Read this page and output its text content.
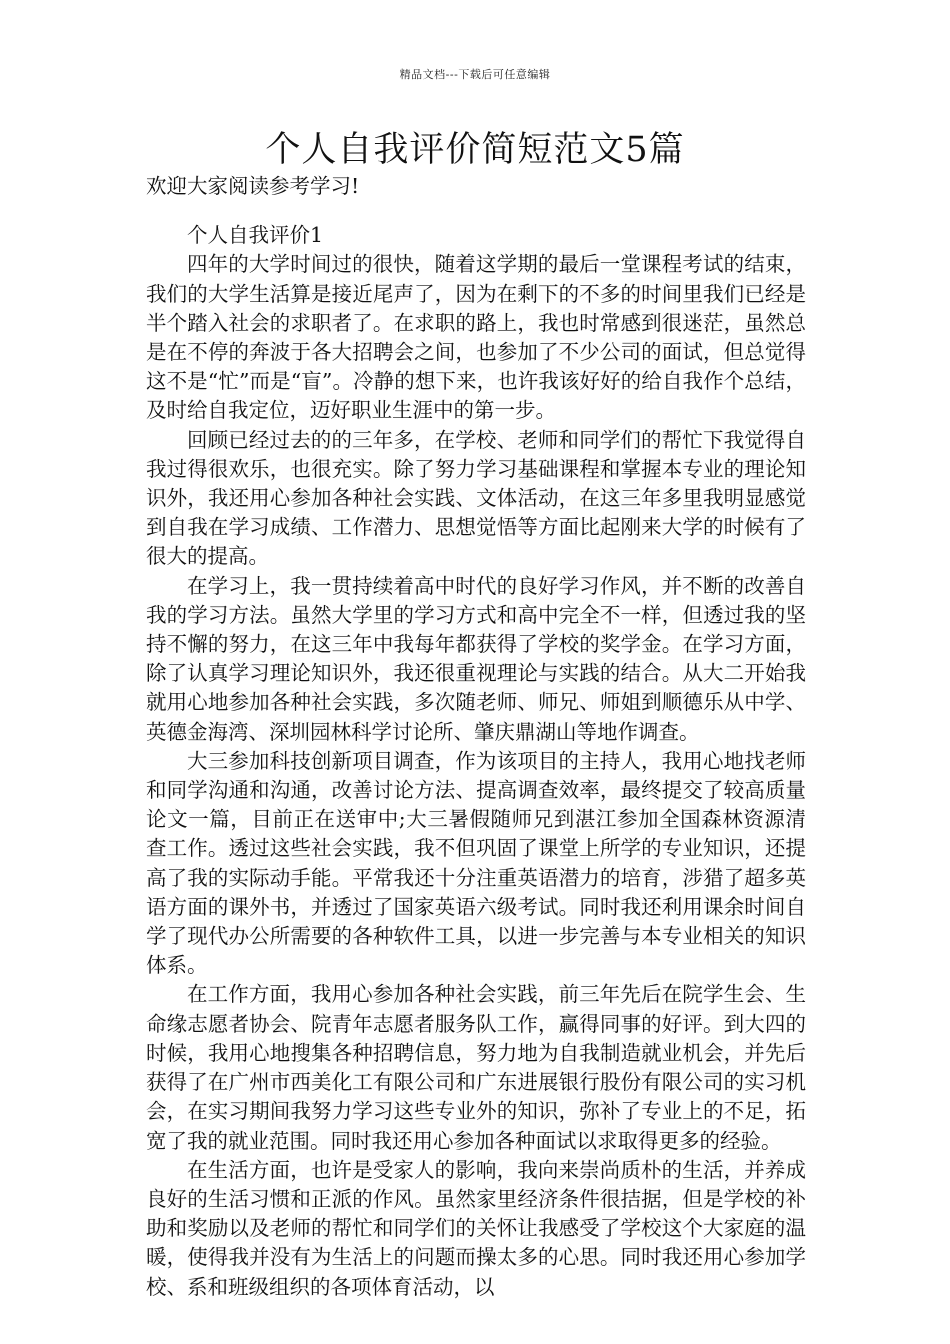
精品文档---下载后可任意编辑
个人自我评价简短范文5篇

欢迎大家阅读参考学习!

个人自我评价1

四年的大学时间过的很快，随着这学期的最后一堂课程考试的结束，我们的大学生活算是接近尾声了，因为在剩下的不多的时间里我们已经是半个踏入社会的求职者了。在求职的路上，我也时常感到很迷茫，虽然总是在不停的奔波于各大招聘会之间，也参加了不少公司的面试，但总觉得这不是“忙”而是“盲”。冷静的想下来，也许我该好好的给自我作个总结，及时给自我定位，迈好职业生涯中的第一步。

回顾已经过去的的三年多，在学校、老师和同学们的帮忙下我觉得自我过得很欢乐，也很充实。除了努力学习基础课程和掌握本专业的理论知识外，我还用心参加各种社会实践、文体活动，在这三年多里我明显感觉到自我在学习成绩、工作潜力、思想觉悟等方面比起刚来大学的时候有了很大的提高。

在学习上，我一贯持续着高中时代的良好学习作风，并不断的改善自我的学习方法。虽然大学里的学习方式和高中完全不一样，但透过我的坚持不懈的努力，在这三年中我每年都获得了学校的奖学金。在学习方面，除了认真学习理论知识外，我还很重视理论与实践的结合。从大二开始我就用心地参加各种社会实践，多次随老师、师兄、师姐到顺德乐从中学、英德金海湾、深圳园林科学讨论所、肇庆鼎湖山等地作调查。

大三参加科技创新项目调查，作为该项目的主持人，我用心地找老师和同学沟通和沟通，改善讨论方法、提高调查效率，最终提交了较高质量论文一篇，目前正在送审中;大三暑假随师兄到湛江参加全国森林资源清查工作。透过这些社会实践，我不但巩固了课堂上所学的专业知识，还提高了我的实际动手能。平常我还十分注重英语潜力的培育，涉猎了超多英语方面的课外书，并透过了国家英语六级考试。同时我还利用课余时间自学了现代办公所需要的各种软件工具，以进一步完善与本专业相关的知识体系。

在工作方面，我用心参加各种社会实践，前三年先后在院学生会、生命缘志愿者协会、院青年志愿者服务队工作，赢得同事的好评。到大四的时候，我用心地搜集各种招聘信息，努力地为自我制造就业机会，并先后获得了在广州市西美化工有限公司和广东进展银行股份有限公司的实习机会，在实习期间我努力学习这些专业外的知识，弥补了专业上的不足，拓宽了我的就业范围。同时我还用心参加各种面试以求取得更多的经验。

在生活方面，也许是受家人的影响，我向来崇尚质朴的生活，并养成良好的生活习惯和正派的作风。虽然家里经济条件很拮据，但是学校的补助和奖励以及老师的帮忙和同学们的关怀让我感受了学校这个大家庭的温暖，使得我并没有为生活上的问题而操太多的心思。同时我还用心参加学校、系和班级组织的各项体育活动，以
